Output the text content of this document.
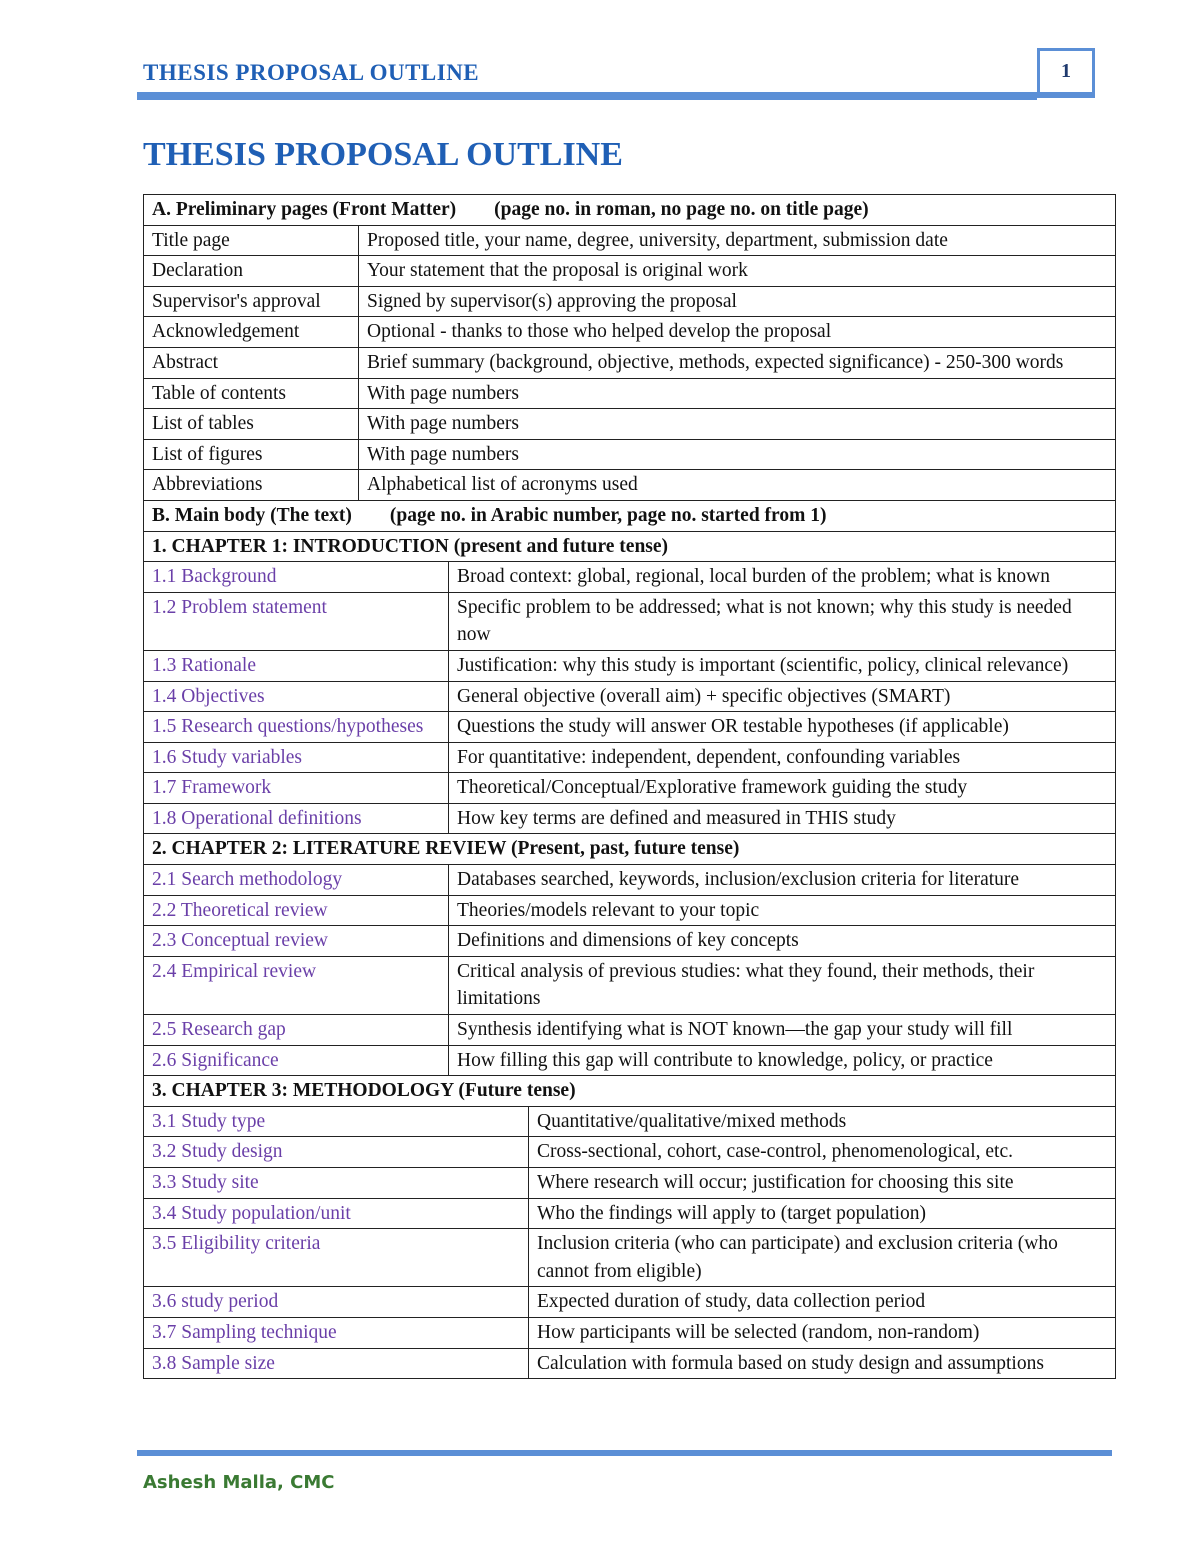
THESIS PROPOSAL OUTLINE	1
THESIS PROPOSAL OUTLINE
A. Preliminary pages (Front Matter) (page no. in roman, no page no. on title page)			
Title page	Proposed title, your name, degree, university, department, submission date		
Declaration	Your statement that the proposal is original work		
Supervisor's approval	Signed by supervisor(s) approving the proposal		
Acknowledgement	Optional - thanks to those who helped develop the proposal		
Abstract	Brief summary (background, objective, methods, expected significance) - 250-300 words		
Table of contents	With page numbers		
List of tables	With page numbers		
List of figures	With page numbers		
Abbreviations	Alphabetical list of acronyms used		
B. Main body (The text) (page no. in Arabic number, page no. started from 1)			
1. CHAPTER 1: INTRODUCTION (present and future tense)			
1.1 Background		Broad context: global, regional, local burden of the problem; what is known	
1.2 Problem statement		Specific problem to be addressed; what is not known; why this study is needed now	
1.3 Rationale		Justification: why this study is important (scientific, policy, clinical relevance)	
1.4 Objectives		General objective (overall aim) + specific objectives (SMART)	
1.5 Research questions/hypotheses		Questions the study will answer OR testable hypotheses (if applicable)	
1.6 Study variables		For quantitative: independent, dependent, confounding variables	
1.7 Framework		Theoretical/Conceptual/Explorative framework guiding the study	
1.8 Operational definitions		How key terms are defined and measured in THIS study	
2. CHAPTER 2: LITERATURE REVIEW (Present, past, future tense)			
2.1 Search methodology		Databases searched, keywords, inclusion/exclusion criteria for literature	
2.2 Theoretical review		Theories/models relevant to your topic	
2.3 Conceptual review		Definitions and dimensions of key concepts	
2.4 Empirical review		Critical analysis of previous studies: what they found, their methods, their limitations	
2.5 Research gap		Synthesis identifying what is NOT known—the gap your study will fill	
2.6 Significance		How filling this gap will contribute to knowledge, policy, or practice	
3. CHAPTER 3: METHODOLOGY (Future tense)			
3.1 Study type			Quantitative/qualitative/mixed methods
3.2 Study design			Cross-sectional, cohort, case-control, phenomenological, etc.
3.3 Study site			Where research will occur; justification for choosing this site
3.4 Study population/unit			Who the findings will apply to (target population)
3.5 Eligibility criteria			Inclusion criteria (who can participate) and exclusion criteria (who cannot from eligible)
3.6 study period			Expected duration of study, data collection period
3.7 Sampling technique			How participants will be selected (random, non-random)
3.8 Sample size			Calculation with formula based on study design and assumptions
Ashesh Malla, CMC
